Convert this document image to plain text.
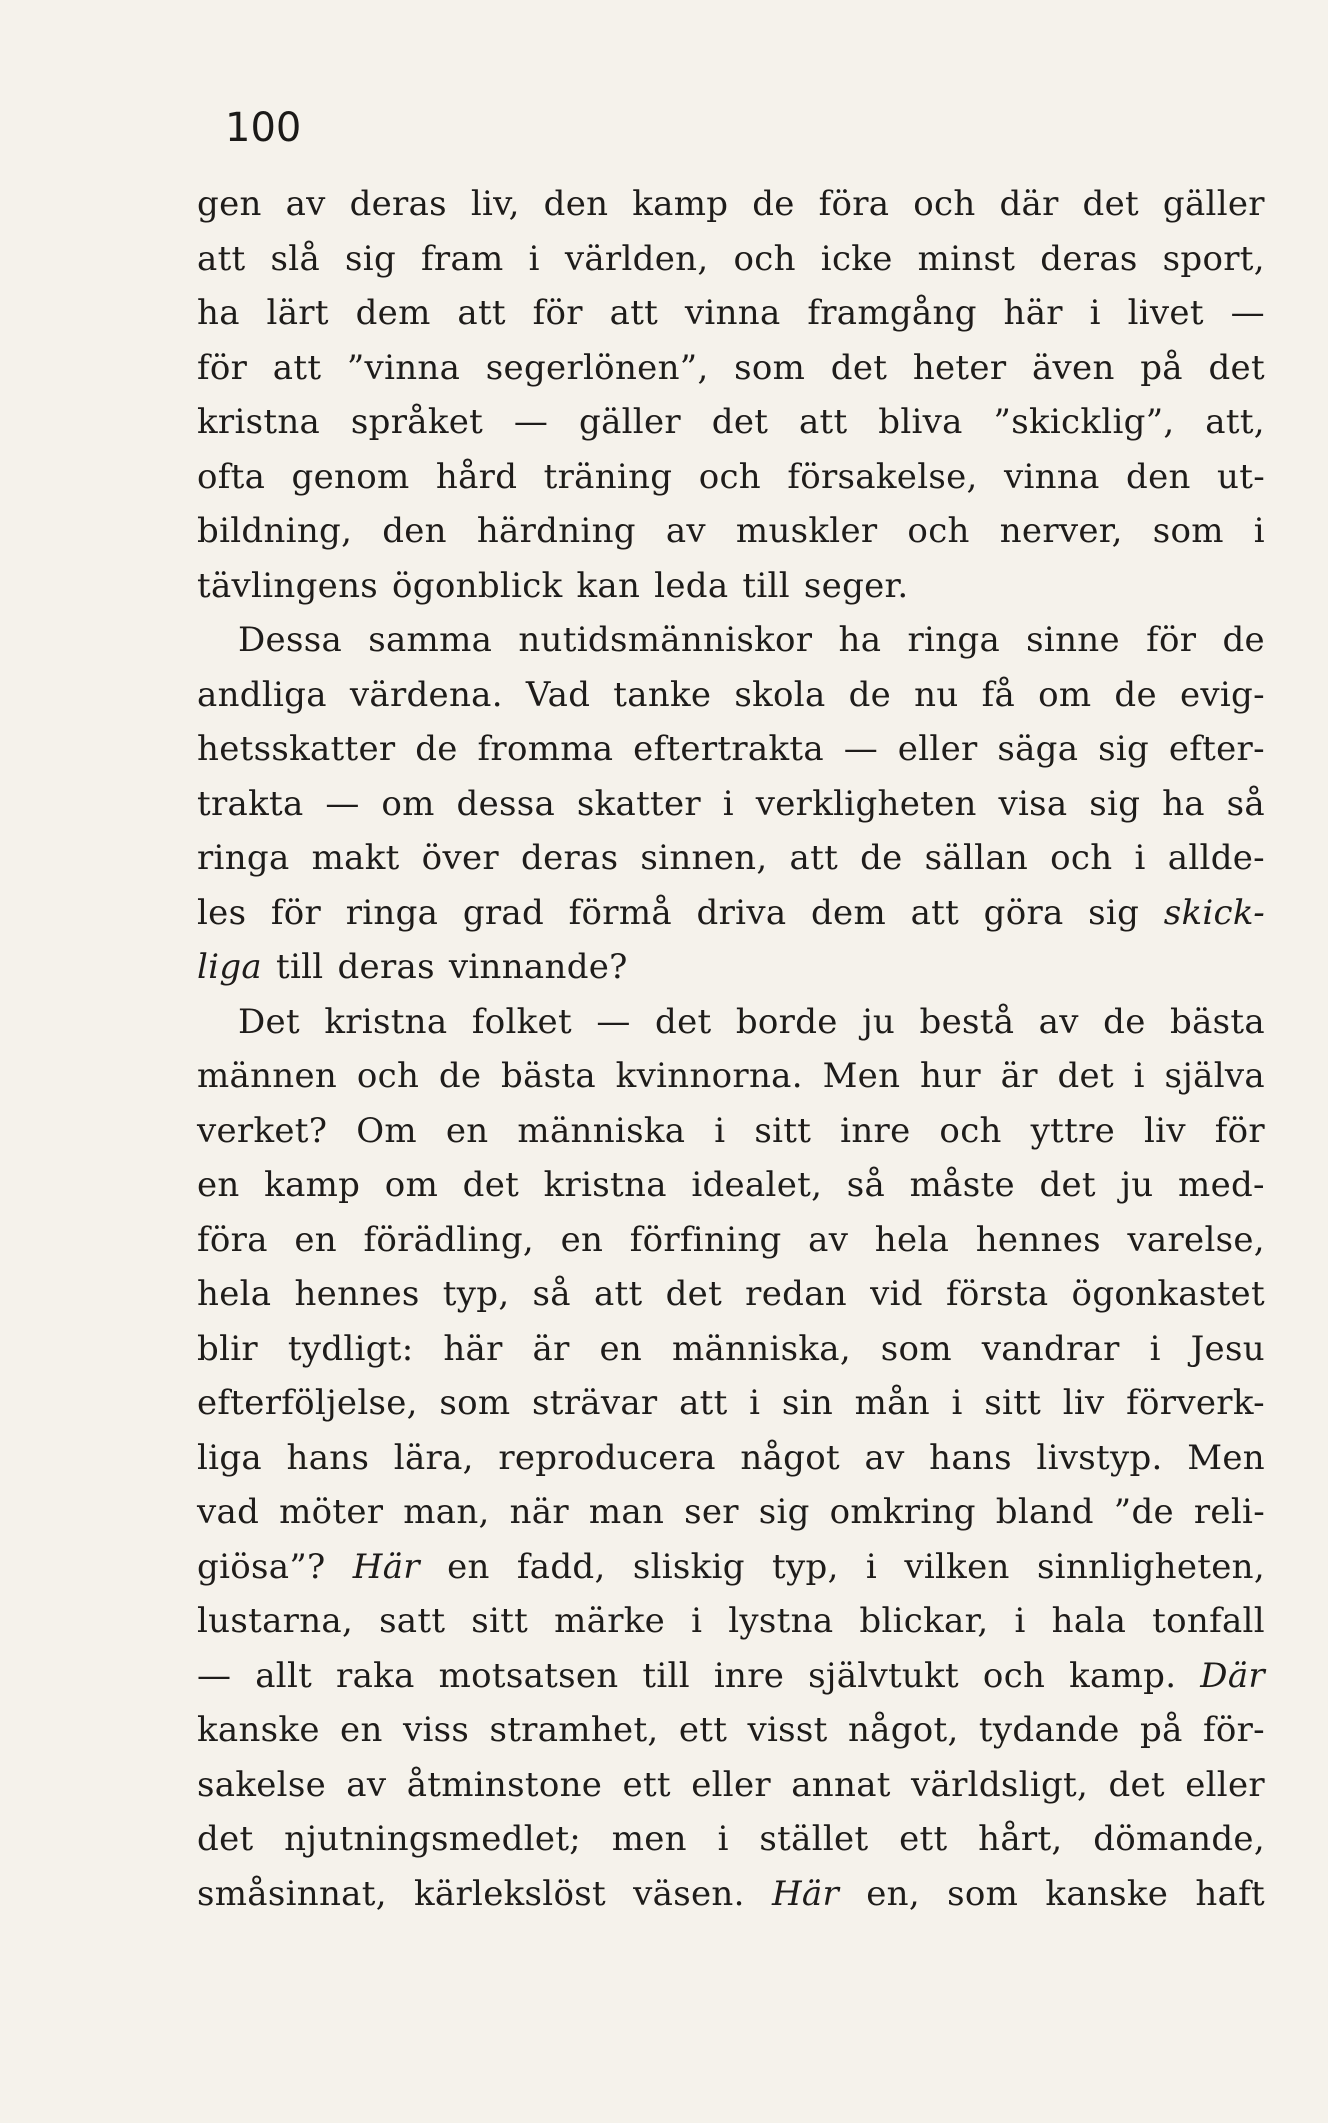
100
gen av deras liv, den kamp de föra och där det gäller
att slå sig fram i världen, och icke minst deras sport,
ha lärt dem att för att vinna framgång här i livet —
för att ”vinna segerlönen”, som det heter även på det
kristna språket — gäller det att bliva ”skicklig”, att,
ofta genom hård träning och försakelse, vinna den ut-
bildning, den härdning av muskler och nerver, som i
tävlingens ögonblick kan leda till seger.
Dessa samma nutidsmänniskor ha ringa sinne för de
andliga värdena. Vad tanke skola de nu få om de evig-
hetsskatter de fromma eftertrakta — eller säga sig efter-
trakta — om dessa skatter i verkligheten visa sig ha så
ringa makt över deras sinnen, att de sällan och i allde-
les för ringa grad förmå driva dem att göra sig skick-
liga till deras vinnande?
Det kristna folket — det borde ju bestå av de bästa
männen och de bästa kvinnorna. Men hur är det i själva
verket? Om en människa i sitt inre och yttre liv för
en kamp om det kristna idealet, så måste det ju med-
föra en förädling, en förfining av hela hennes varelse,
hela hennes typ, så att det redan vid första ögonkastet
blir tydligt: här är en människa, som vandrar i Jesu
efterföljelse, som strävar att i sin mån i sitt liv förverk-
liga hans lära, reproducera något av hans livstyp. Men
vad möter man, när man ser sig omkring bland ”de reli-
giösa”? Här en fadd, sliskig typ, i vilken sinnligheten,
lustarna, satt sitt märke i lystna blickar, i hala tonfall
— allt raka motsatsen till inre självtukt och kamp. Där
kanske en viss stramhet, ett visst något, tydande på för-
sakelse av åtminstone ett eller annat världsligt, det eller
det njutningsmedlet; men i stället ett hårt, dömande,
småsinnat, kärlekslöst väsen. Här en, som kanske haft
